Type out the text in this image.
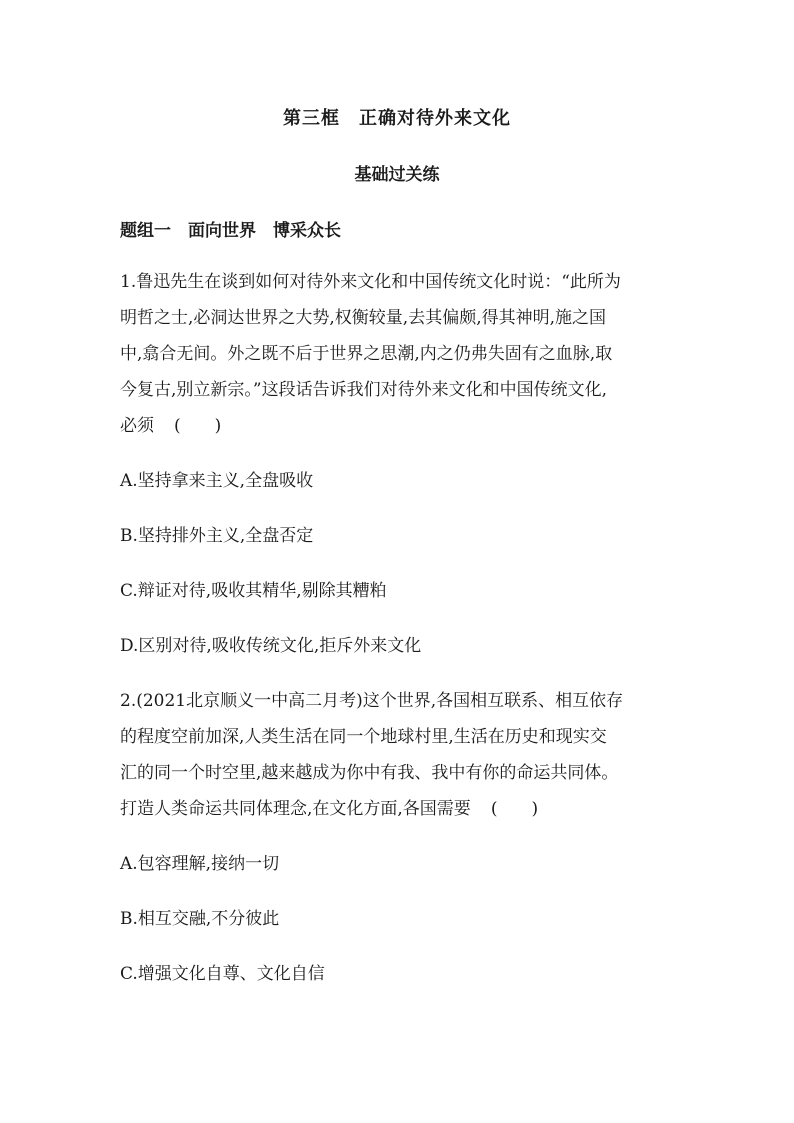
第三框　正确对待外来文化
基础过关练
题组一　面向世界　博采众长
1.鲁迅先生在谈到如何对待外来文化和中国传统文化时说：“此所为
明哲之士,必洞达世界之大势,权衡较量,去其偏颇,得其神明,施之国
中,翕合无间。外之既不后于世界之思潮,内之仍弗失固有之血脉,取
今复古,别立新宗。”这段话告诉我们对待外来文化和中国传统文化,
必须 (　　)
A.坚持拿来主义,全盘吸收
B.坚持排外主义,全盘否定
C.辩证对待,吸收其精华,剔除其糟粕
D.区别对待,吸收传统文化,拒斥外来文化
2.(2021北京顺义一中高二月考)这个世界,各国相互联系、相互依存
的程度空前加深,人类生活在同一个地球村里,生活在历史和现实交
汇的同一个时空里,越来越成为你中有我、我中有你的命运共同体。
打造人类命运共同体理念,在文化方面,各国需要 (　　)
A.包容理解,接纳一切
B.相互交融,不分彼此
C.增强文化自尊、文化自信
